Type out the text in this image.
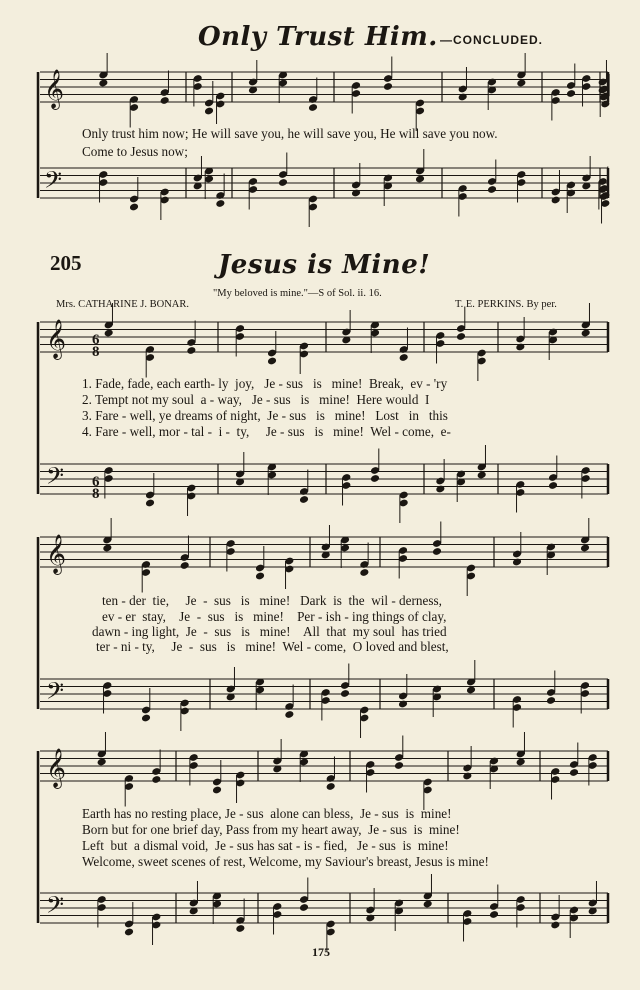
𝄞
𝄢
𝄞
𝄢
𝄞
𝄢
𝄞
𝄢
6
8
6
8
Only Trust Him. —CONCLUDED.
Only trust him now; He will save you, he will save you, He will save you now.
Come to Jesus now;
205	Jesus is Mine!
"My beloved is mine."—S of Sol. ii. 16.
Mrs. CATHARINE J. BONAR.	T. E. PERKINS. By per.
1. Fade, fade, each earth- ly  joy,   Je - sus   is   mine!  Break,  ev - 'ry
2. Tempt not my soul  a - way,   Je - sus   is   mine!  Here would  I
3. Fare - well, ye dreams of night,  Je - sus   is   mine!   Lost   in   this
4. Fare - well, mor - tal -  i -  ty,     Je - sus   is   mine!  Wel - come,  e-
ten - der  tie,     Je  -  sus   is   mine!   Dark  is  the  wil - derness,
ev - er  stay,    Je  -  sus   is   mine!    Per - ish - ing things of clay,
dawn - ing light,  Je  -  sus   is   mine!    All  that  my soul  has tried
ter - ni - ty,     Je  -  sus   is   mine!  Wel - come,  O loved and blest,
Earth has no resting place, Je - sus  alone can bless,  Je - sus  is  mine!
Born but for one brief day, Pass from my heart away,  Je - sus  is  mine!
Left  but  a dismal void,  Je - sus has sat - is - fied,   Je - sus  is  mine!
Welcome, sweet scenes of rest, Welcome, my Saviour's breast, Jesus is mine!
175
